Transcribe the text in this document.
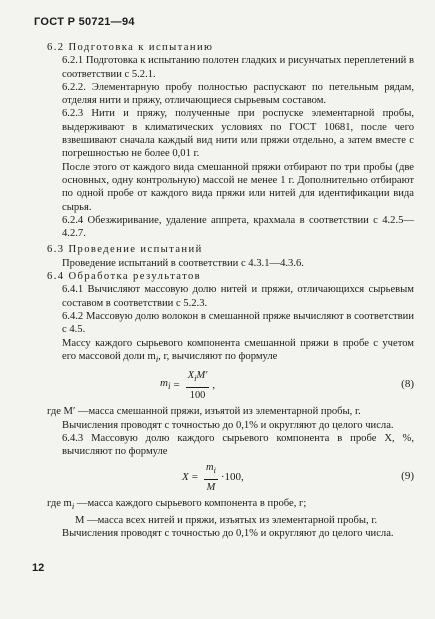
ГОСТ Р 50721—94

6.2 Подготовка к испытанию

6.2.1 Подготовка к испытанию полотен гладких и рисунчатых переплетений в соответствии с 5.2.1.

6.2.2. Элементарную пробу полностью распускают по петельным рядам, отделяя нити и пряжу, отличающиеся сырьевым составом.

6.2.3 Нити и пряжу, полученные при роспуске элементарной пробы, выдерживают в климатических условиях по ГОСТ 10681, после чего взвешивают сначала каждый вид нити или пряжи отдельно, а затем вместе с погрешностью не более 0,01 г.

После этого от каждого вида смешанной пряжи отбирают по три пробы (две основных, одну контрольную) массой не менее 1 г. Дополнительно отбирают по одной пробе от каждого вида пряжи или нитей для идентификации вида сырья.

6.2.4 Обезжиривание, удаление аппрета, крахмала в соответствии с 4.2.5—4.2.7.

6.3 Проведение испытаний

Проведение испытаний в соответствии с 4.3.1—4.3.6.

6.4 Обработка результатов

6.4.1 Вычисляют массовую долю нитей и пряжи, отличающихся сырьевым составом в соответствии с 5.2.3.

6.4.2 Массовую долю волокон в смешанной пряже вычисляют в соответствии с 4.5.

Массу каждого сырьевого компонента смешанной пряжи в пробе с учетом его массовой доли $m_i$, г, вычисляют по формуле

$m_i = \frac{X_iM'}{100}$ ,	(8)
где M′ — масса смешанной пряжи, изъятой из элементарной пробы, г.

Вычисления проводят с точностью до 0,1% и округляют до целого числа.

6.4.3 Массовую долю каждого сырьевого компонента в пробе X, %, вычисляют по формуле

$X = \frac{m_i}{M} \cdot 100$,	(9)
где $m_i$ — масса каждого сырьевого компонента в пробе, г;
M — масса всех нитей и пряжи, изъятых из элементарной пробы, г.

Вычисления проводят с точностью до 0,1% и округляют до целого числа.

12
